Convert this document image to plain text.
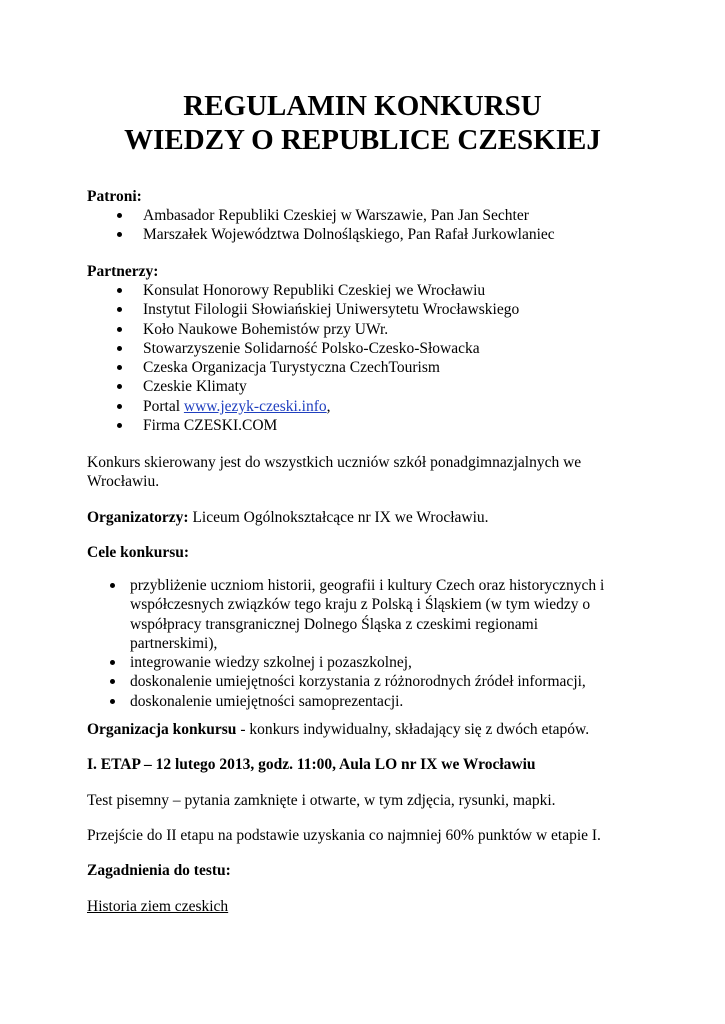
REGULAMIN KONKURSU
WIEDZY O REPUBLICE CZESKIEJ

Patroni:

Ambasador Republiki Czeskiej w Warszawie, Pan Jan Sechter
Marszałek Województwa Dolnośląskiego, Pan Rafał Jurkowlaniec

Partnerzy:

Konsulat Honorowy Republiki Czeskiej we Wrocławiu
Instytut Filologii Słowiańskiej Uniwersytetu Wrocławskiego
Koło Naukowe Bohemistów przy UWr.
Stowarzyszenie Solidarność Polsko-Czesko-Słowacka
Czeska Organizacja Turystyczna CzechTourism
Czeskie Klimaty
Portal www.jezyk-czeski.info,
Firma CZESKI.COM

Konkurs skierowany jest do wszystkich uczniów szkół ponadgimnazjalnych we

Wrocławiu.

Organizatorzy: Liceum Ogólnokształcące nr IX we Wrocławiu.

Cele konkursu:

przybliżenie uczniom historii, geografii i kultury Czech oraz historycznych i
współczesnych związków tego kraju z Polską i Śląskiem (w tym wiedzy o
współpracy transgranicznej Dolnego Śląska z czeskimi regionami
partnerskimi),
integrowanie wiedzy szkolnej i pozaszkolnej,
doskonalenie umiejętności korzystania z różnorodnych źródeł informacji,
doskonalenie umiejętności samoprezentacji.

Organizacja konkursu - konkurs indywidualny, składający się z dwóch etapów.

I. ETAP – 12 lutego 2013, godz. 11:00, Aula LO nr IX we Wrocławiu

Test pisemny – pytania zamknięte i otwarte, w tym zdjęcia, rysunki, mapki.

Przejście do II etapu na podstawie uzyskania co najmniej 60% punktów w etapie I.

Zagadnienia do testu:

Historia ziem czeskich
